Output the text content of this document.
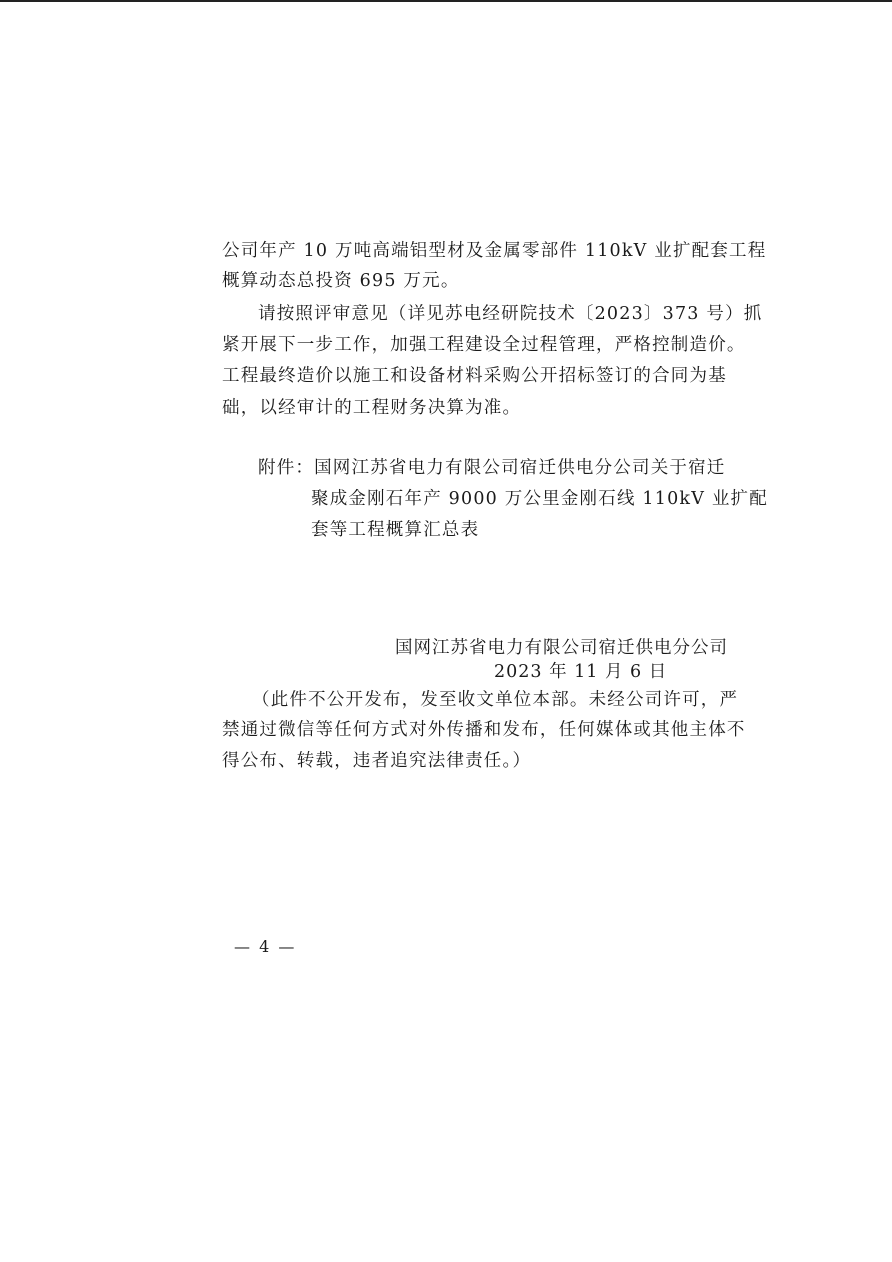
公司年产 10 万吨高端铝型材及金属零部件 110kV 业扩配套工程
概算动态总投资 695 万元。
请按照评审意见（详见苏电经研院技术〔2023〕373 号）抓
紧开展下一步工作，加强工程建设全过程管理，严格控制造价。
工程最终造价以施工和设备材料采购公开招标签订的合同为基
础，以经审计的工程财务决算为准。
附件：国网江苏省电力有限公司宿迁供电分公司关于宿迁
聚成金刚石年产 9000 万公里金刚石线 110kV 业扩配
套等工程概算汇总表
国网江苏省电力有限公司宿迁供电分公司
2023 年 11 月 6 日
（此件不公开发布，发至收文单位本部。未经公司许可，严
禁通过微信等任何方式对外传播和发布，任何媒体或其他主体不
得公布、转载，违者追究法律责任。）
— 4 —
